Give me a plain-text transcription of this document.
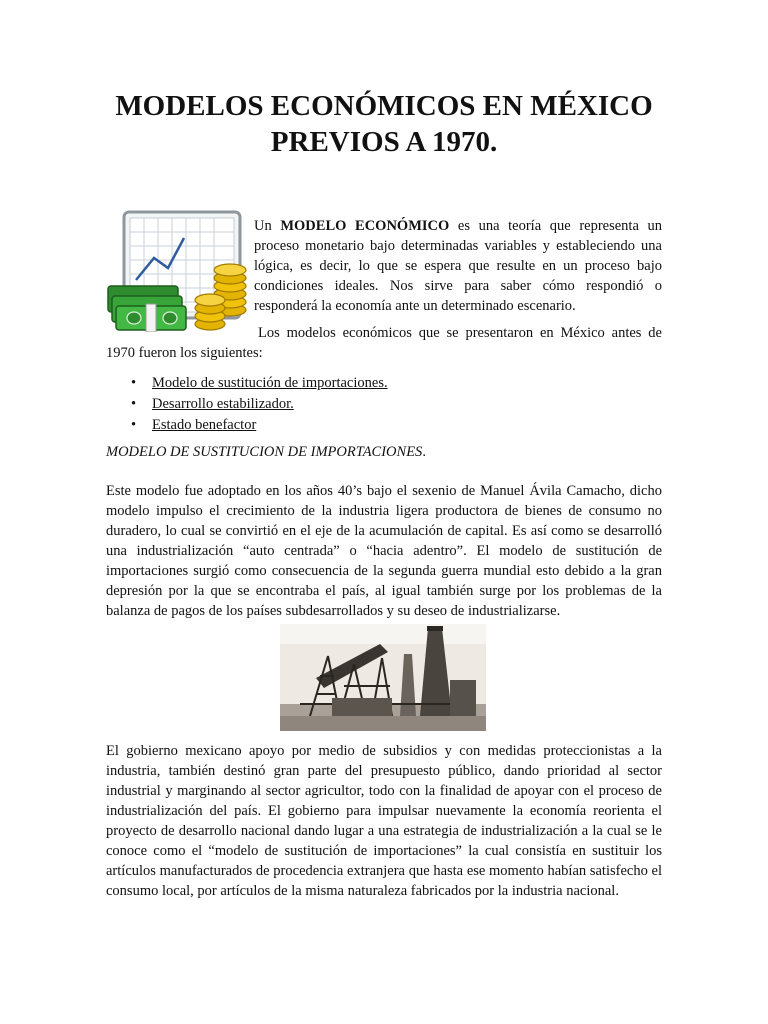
MODELOS ECONÓMICOS EN MÉXICO
PREVIOS A 1970.

Un MODELO ECONÓMICO es una teoría que representa un proceso monetario bajo determinadas variables y estableciendo una lógica, es decir, lo que se espera que resulte en un proceso bajo condiciones ideales. Nos sirve para saber cómo respondió o responderá la economía ante un determinado escenario.

Los modelos económicos que se presentaron en México antes de 1970 fueron los siguientes:

• Modelo de sustitución de importaciones.
• Desarrollo estabilizador.
• Estado benefactor

MODELO DE SUSTITUCION DE IMPORTACIONES.

Este modelo fue adoptado en los años 40’s bajo el sexenio de Manuel Ávila Camacho, dicho modelo impulso el crecimiento de la industria ligera productora de bienes de consumo no duradero, lo cual se convirtió en el eje de la acumulación de capital. Es así como se desarrolló una industrialización “auto centrada” o “hacia adentro”. El modelo de sustitución de importaciones surgió como consecuencia de la segunda guerra mundial esto debido a la gran depresión por la que se encontraba el país, al igual también surge por los problemas de la balanza de pagos de los países subdesarrollados y su deseo de industrializarse.

El gobierno mexicano apoyo por medio de subsidios y con medidas proteccionistas a la industria, también destinó gran parte del presupuesto público, dando prioridad al sector industrial y marginando al sector agricultor, todo con la finalidad de apoyar con el proceso de industrialización del país. El gobierno para impulsar nuevamente la economía reorienta el proyecto de desarrollo nacional dando lugar a una estrategia de industrialización a la cual se le conoce como el “modelo de sustitución de importaciones” la cual consistía en sustituir los artículos manufacturados de procedencia extranjera que hasta ese momento habían satisfecho el consumo local, por artículos de la misma naturaleza fabricados por la industria nacional.
